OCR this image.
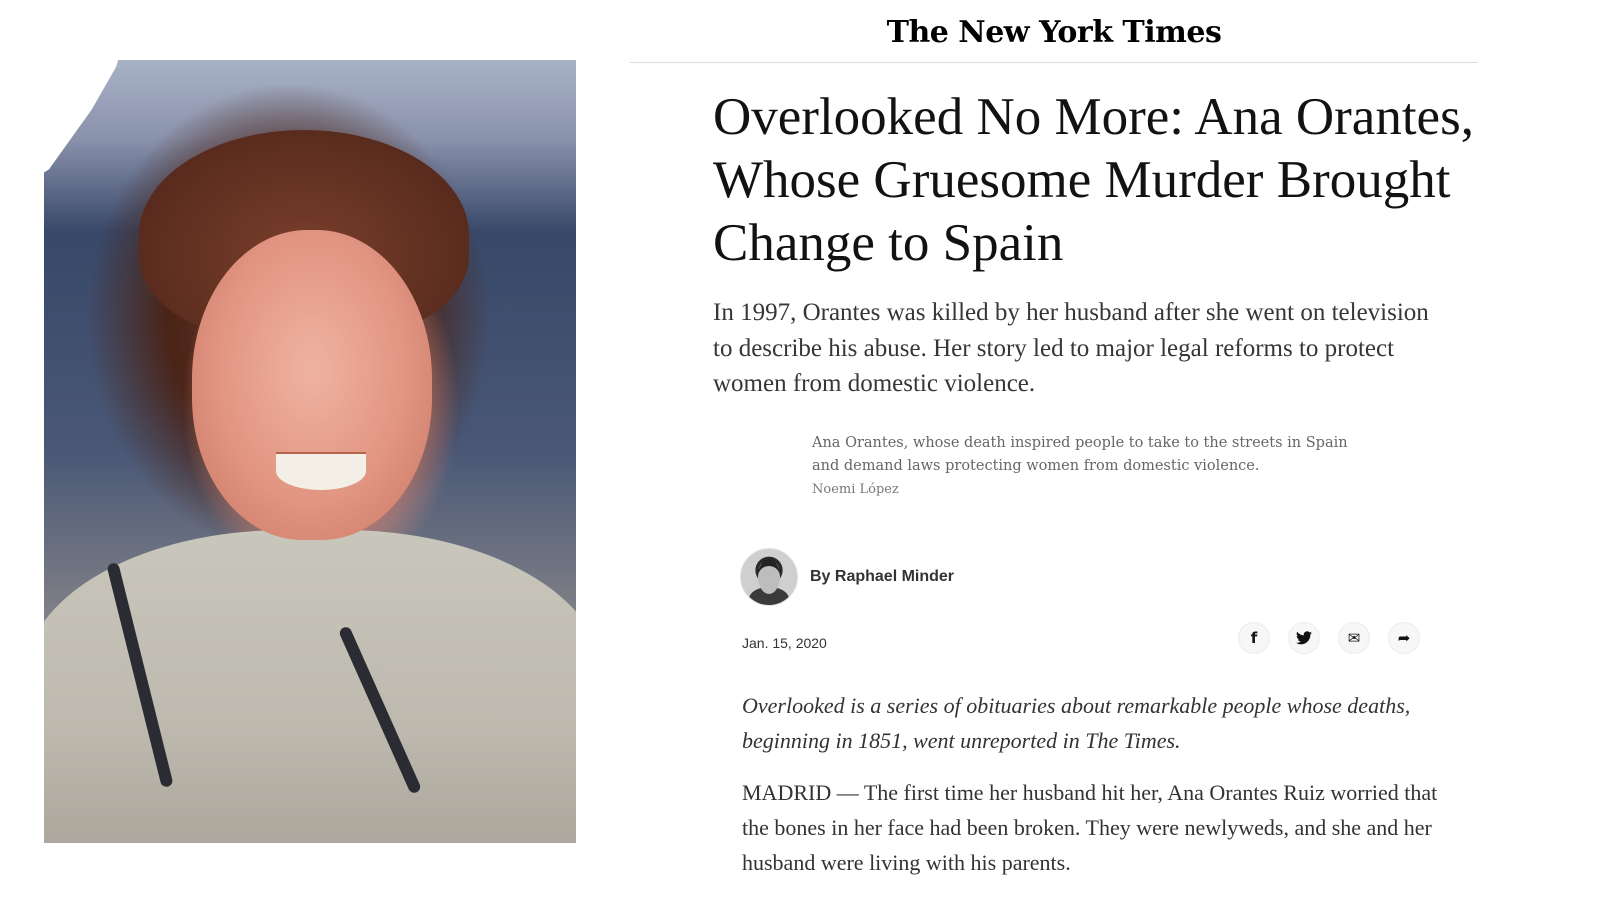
The New York Times
Overlooked No More: Ana Orantes, Whose Gruesome Murder Brought Change to Spain

In 1997, Orantes was killed by her husband after she went on television to describe his abuse. Her story led to major legal reforms to protect women from domestic violence.

Ana Orantes, whose death inspired people to take to the streets in Spain and demand laws protecting women from domestic violence.
Noemi López
By Raphael Minder
Jan. 15, 2020	f	✉ ➦

Overlooked is a series of obituaries about remarkable people whose deaths, beginning in 1851, went unreported in The Times.

MADRID — The first time her husband hit her, Ana Orantes Ruiz worried that the bones in her face had been broken. They were newlyweds, and she and her husband were living with his parents.
